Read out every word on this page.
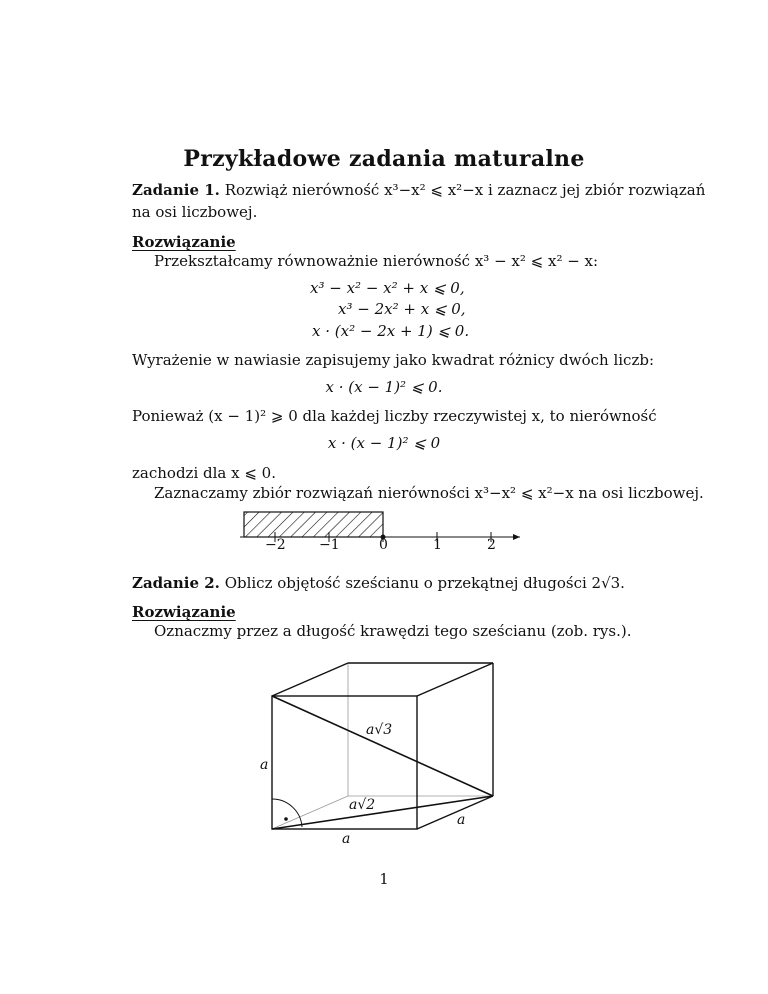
Przykładowe zadania maturalne
Zadanie 1. Rozwiąż nierówność x³−x² ⩽ x²−x i zaznacz jej zbiór rozwiązań
na osi liczbowej.
Rozwiązanie
Przekształcamy równoważnie nierówność x³ − x² ⩽ x² − x:
x³ − x² − x² + x ⩽ 0,
x³ − 2x² + x ⩽ 0,
x · (x² − 2x + 1) ⩽ 0.
Wyrażenie w nawiasie zapisujemy jako kwadrat różnicy dwóch liczb:
x · (x − 1)² ⩽ 0.
Ponieważ (x − 1)² ⩾ 0 dla każdej liczby rzeczywistej x, to nierówność
x · (x − 1)² ⩽ 0
zachodzi dla x ⩽ 0.
Zaznaczamy zbiór rozwiązań nierówności x³−x² ⩽ x²−x na osi liczbowej.
−2 −1	0	1	2
Zadanie 2. Oblicz objętość sześcianu o przekątnej długości 2√3.
Rozwiązanie
Oznaczmy przez a długość krawędzi tego sześcianu (zob. rys.).
a√3
a√2
a
a
a
1
